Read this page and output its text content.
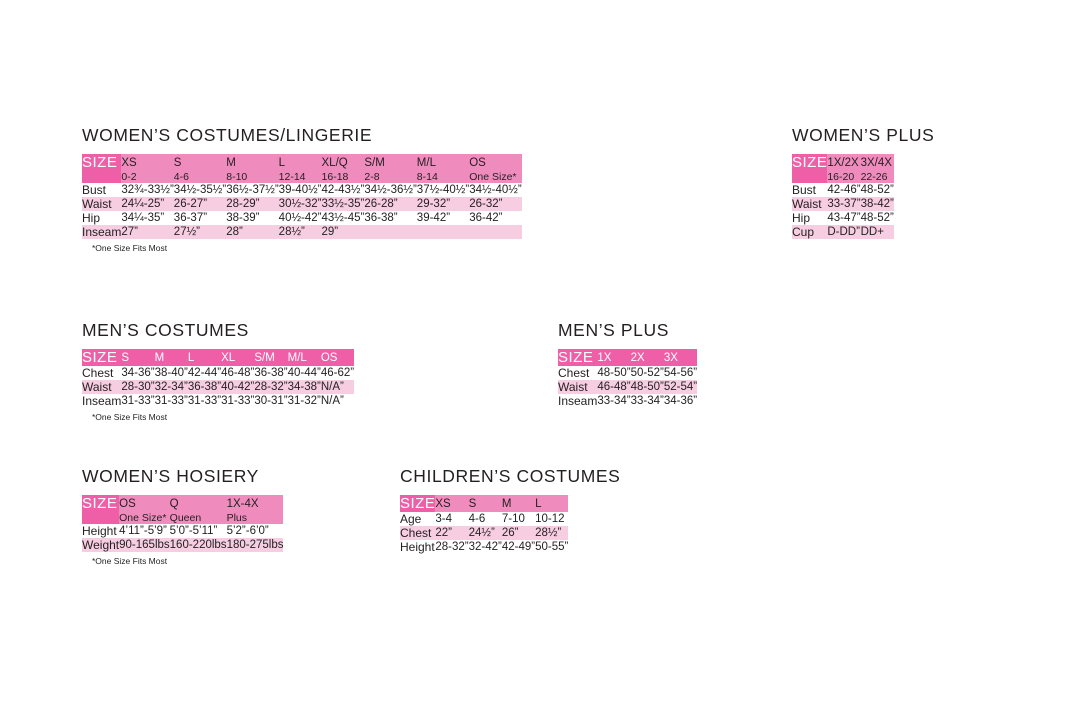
WOMEN’S COSTUMES/LINGERIE
SIZE	XS	S	M	L	XL/Q	S/M	M/L	OS
	0-2	4-6	8-10	12-14	16-18	2-8	8-14	One Size*
Bust	32¾-33½”	34½-35½”	36½-37½”	39-40½”	42-43½”	34½-36½”	37½-40½”	34½-40½”
Waist	24¼-25”	26-27”	28-29”	30½-32”	33½-35”	26-28”	29-32”	26-32”
Hip	34¼-35”	36-37”	38-39”	40½-42”	43½-45”	36-38”	39-42”	36-42”
Inseam	27”	27½”	28”	28½”	29”			
*One Size Fits Most
WOMEN’S PLUS
SIZE	1X/2X	3X/4X
	16-20	22-26
Bust	42-46”	48-52”
Waist	33-37”	38-42”
Hip	43-47”	48-52”
Cup	D-DD”	DD+
MEN’S COSTUMES
SIZE	S	M	L	XL	S/M	M/L	OS
Chest	34-36”	38-40”	42-44”	46-48”	36-38”	40-44”	46-62”
Waist	28-30”	32-34”	36-38”	40-42”	28-32”	34-38”	N/A”
Inseam	31-33”	31-33”	31-33”	31-33”	30-31”	31-32”	N/A”
*One Size Fits Most
MEN’S PLUS
SIZE	1X	2X	3X
Chest	48-50”	50-52”	54-56”
Waist	46-48”	48-50”	52-54”
Inseam	33-34”	33-34”	34-36”
WOMEN’S HOSIERY
SIZE	OS	Q	1X-4X
	One Size*	Queen	Plus
Height	4’11”-5’9”	5’0”-5’11”	5’2”-6’0”
Weight	90-165lbs	160-220lbs	180-275lbs
*One Size Fits Most
CHILDREN’S COSTUMES
SIZE	XS	S	M	L
Age	3-4	4-6	7-10	10-12
Chest	22”	24½”	26”	28½”
Height	28-32”	32-42”	42-49”	50-55”
